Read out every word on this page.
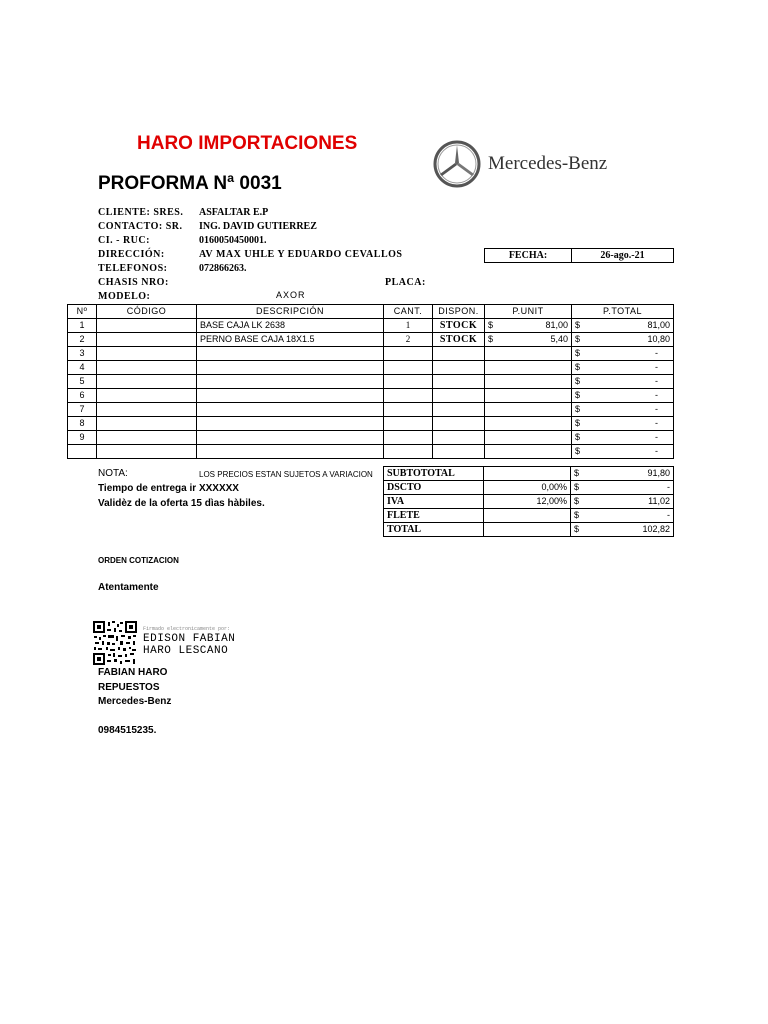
HARO IMPORTACIONES
PROFORMA Nª 0031
Mercedes-Benz
CLIENTE: SRES. ASFALTAR E.P
CONTACTO: SR. ING. DAVID GUTIERREZ
CI. - RUC:	0160050450001.
DIRECCIÓN:	AV MAX UHLE Y EDUARDO CEVALLOS
TELEFONOS:	072866263.
CHASIS NRO:	PLACA:
MODELO:	AXOR
FECHA:	26-ago.-21
Nº	CÓDIGO	DESCRIPCIÓN	CANT.	DISPON.	P.UNIT	P.TOTAL
1		BASE CAJA LK 2638	1	STOCK	$ 81,00	$ 81,00

2		PERNO BASE CAJA 18X1.5	2	STOCK	$ 5,40	$ 10,80

3						$ -

4						$ -

5						$ -

6						$ -

7						$ -

8						$ -

9						$ -

						$ -
NOTA:	LOS PRECIOS ESTAN SUJETOS A VARIACION
Tiempo de entrega ir XXXXXX
Validèz de la oferta 15 dìas hàbiles.
SUBTOTOTAL		$	91,80
DSCTO	0,00%	$	-
IVA	12,00%	$	11,02
FLETE		$	-
TOTAL		$	102,82
ORDEN COTIZACION
Atentamente
Firmado electronicamente por:
EDISON FABIAN
HARO LESCANO
FABIAN HARO
REPUESTOS
Mercedes-Benz
0984515235.
